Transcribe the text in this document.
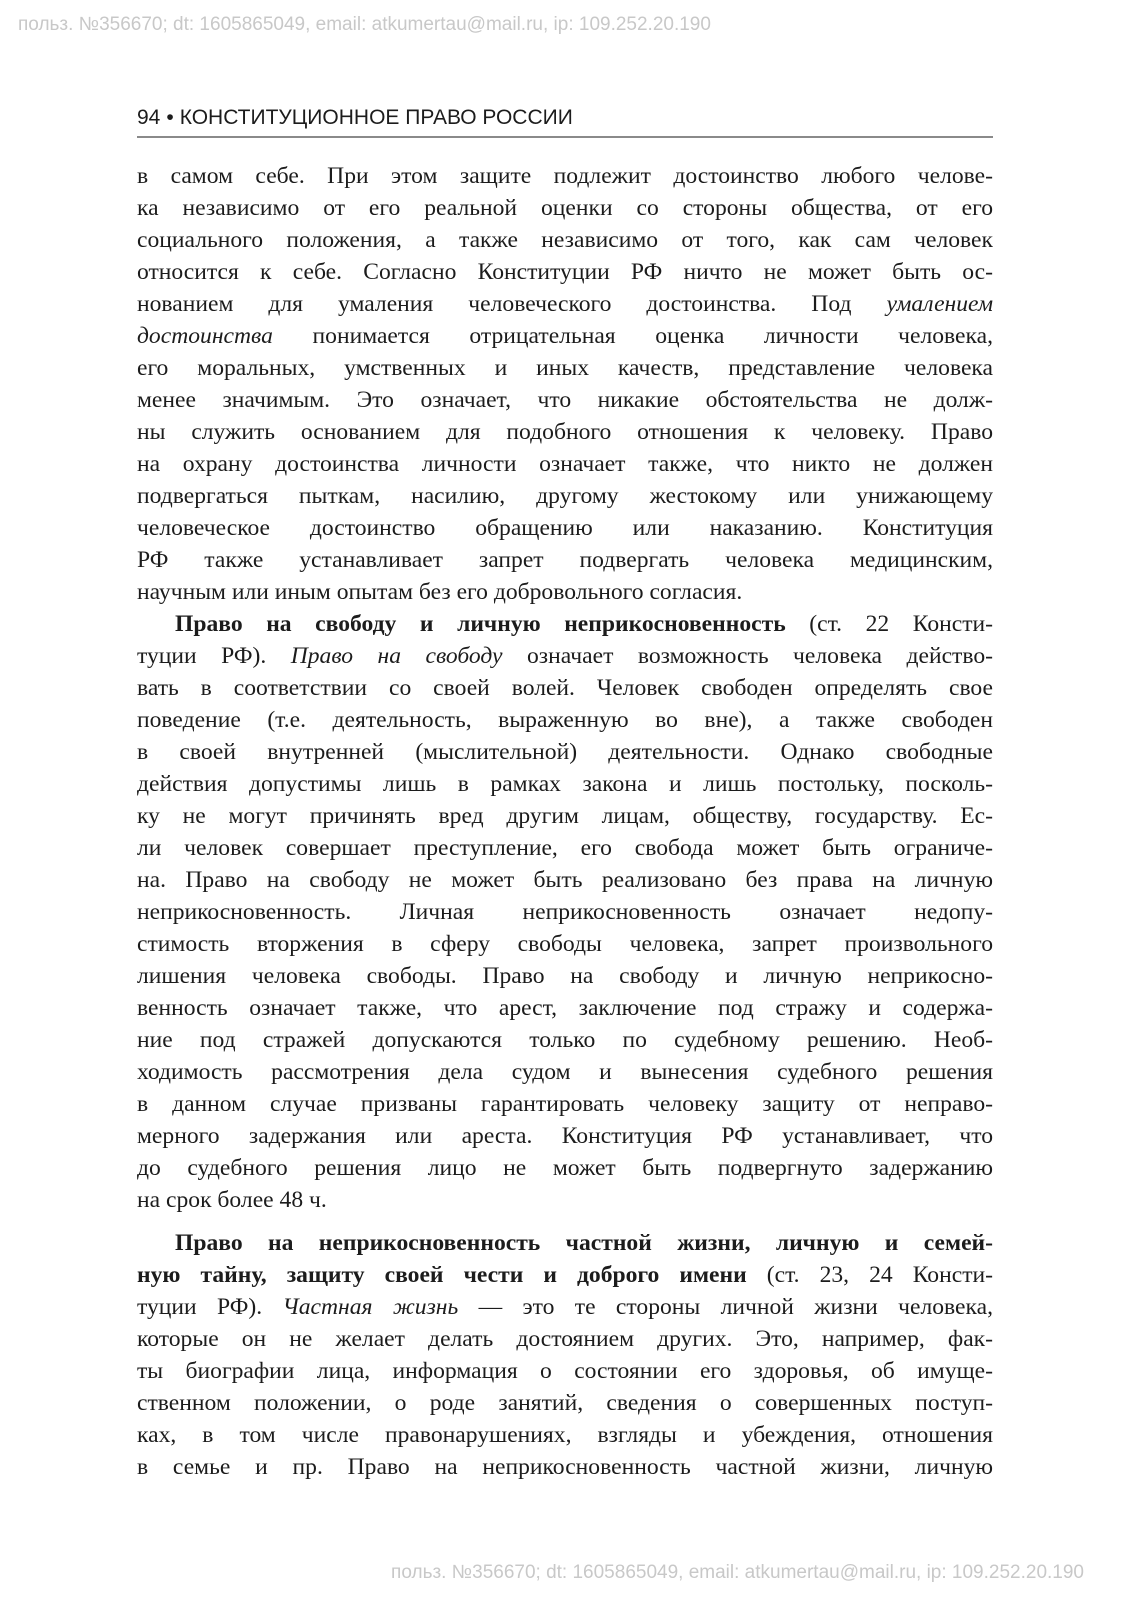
польз. №356670; dt: 1605865049, email: atkumertau@mail.ru, ip: 109.252.20.190

94 • КОНСТИТУЦИОННОЕ ПРАВО РОССИИ
в самом себе. При этом защите подлежит достоинство любого челове-
ка независимо от его реальной оценки со стороны общества, от его
социального положения, а также независимо от того, как сам человек
относится к себе. Согласно Конституции РФ ничто не может быть ос-
нованием для умаления человеческого достоинства. Под умалением
достоинства понимается отрицательная оценка личности человека,
его моральных, умственных и иных качеств, представление человека
менее значимым. Это означает, что никакие обстоятельства не долж-
ны служить основанием для подобного отношения к человеку. Право
на охрану достоинства личности означает также, что никто не должен
подвергаться пыткам, насилию, другому жестокому или унижающему
человеческое достоинство обращению или наказанию. Конституция
РФ также устанавливает запрет подвергать человека медицинским,
научным или иным опытам без его добровольного согласия.
Право на свободу и личную неприкосновенность (ст. 22 Консти-
туции РФ). Право на свободу означает возможность человека действо-
вать в соответствии со своей волей. Человек свободен определять свое
поведение (т.е. деятельность, выраженную во вне), а также свободен
в своей внутренней (мыслительной) деятельности. Однако свободные
действия допустимы лишь в рамках закона и лишь постольку, посколь-
ку не могут причинять вред другим лицам, обществу, государству. Ес-
ли человек совершает преступление, его свобода может быть ограниче-
на. Право на свободу не может быть реализовано без права на личную
неприкосновенность. Личная неприкосновенность означает недопу-
стимость вторжения в сферу свободы человека, запрет произвольного
лишения человека свободы. Право на свободу и личную неприкосно-
венность означает также, что арест, заключение под стражу и содержа-
ние под стражей допускаются только по судебному решению. Необ-
ходимость рассмотрения дела судом и вынесения судебного решения
в данном случае призваны гарантировать человеку защиту от неправо-
мерного задержания или ареста. Конституция РФ устанавливает, что
до судебного решения лицо не может быть подвергнуто задержанию
на срок более 48 ч.
Право на неприкосновенность частной жизни, личную и семей-
ную тайну, защиту своей чести и доброго имени (ст. 23, 24 Консти-
туции РФ). Частная жизнь — это те стороны личной жизни человека,
которые он не желает делать достоянием других. Это, например, фак-
ты биографии лица, информация о состоянии его здоровья, об имуще-
ственном положении, о роде занятий, сведения о совершенных поступ-
ках, в том числе правонарушениях, взгляды и убеждения, отношения
в семье и пр. Право на неприкосновенность частной жизни, личную

польз. №356670; dt: 1605865049, email: atkumertau@mail.ru, ip: 109.252.20.190
